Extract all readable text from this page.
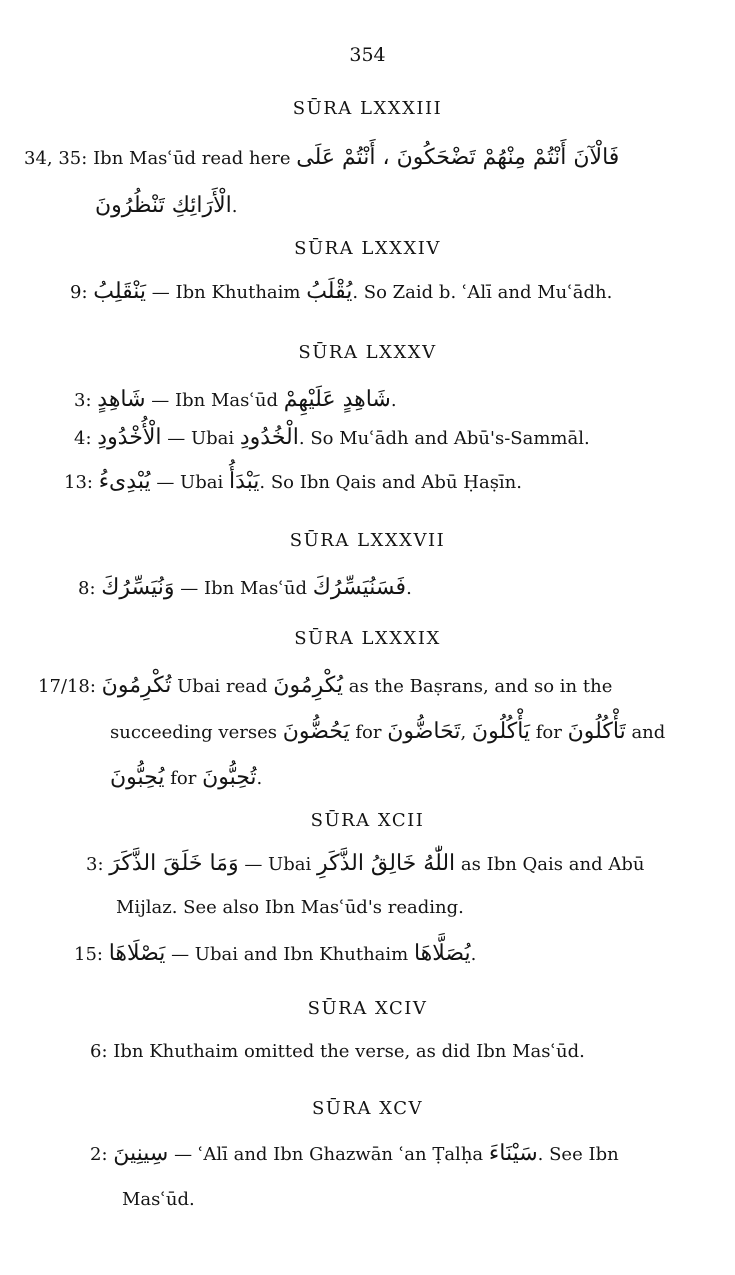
354
SŪRA LXXXIII
34, 35: Ibn Masʿūd read here فَالْآنَ أَنْتُمْ مِنْهُمْ تَضْحَكُونَ ، أَنْتُمْ عَلَى
الْأَرَائِكِ تَنْظُرُونَ.
SŪRA LXXXIV
9: يَنْقَلِبُ — Ibn Khuthaim يُقْلَبُ. So Zaid b. ʿAlī and Muʿādh.
SŪRA LXXXV
3: شَاهِدٍ — Ibn Masʿūd شَاهِدٍ عَلَيْهِمْ.
4: الْأُخْدُودِ — Ubai الْخُدُودِ. So Muʿādh and Abū's-Sammāl.
13: يُبْدِىءُ — Ubai يَبْدَأُ. So Ibn Qais and Abū Ḥaṣīn.
SŪRA LXXXVII
8: وَنُيَسِّرُكَ — Ibn Masʿūd فَسَنُيَسِّرُكَ.
SŪRA LXXXIX
17/18: تُكْرِمُونَ Ubai read يُكْرِمُونَ as the Baṣrans, and so in the
succeeding verses يَحُضُّونَ for تَحَاضُّونَ, يَأْكُلُونَ for تَأْكُلُونَ and
يُحِبُّونَ for تُحِبُّونَ.
SŪRA XCII
3: وَمَا خَلَقَ الذَّكَرَ — Ubai اللّٰهُ خَالِقُ الذَّكَرِ as Ibn Qais and Abū
Mijlaz. See also Ibn Masʿūd's reading.
15: يَصْلَاهَا — Ubai and Ibn Khuthaim يُصَلَّاهَا.
SŪRA XCIV
6: Ibn Khuthaim omitted the verse, as did Ibn Masʿūd.
SŪRA XCV
2: سِينِينَ — ʿAlī and Ibn Ghazwān ʿan Ṭalḥa سَيْنَاءَ. See Ibn
Masʿūd.
